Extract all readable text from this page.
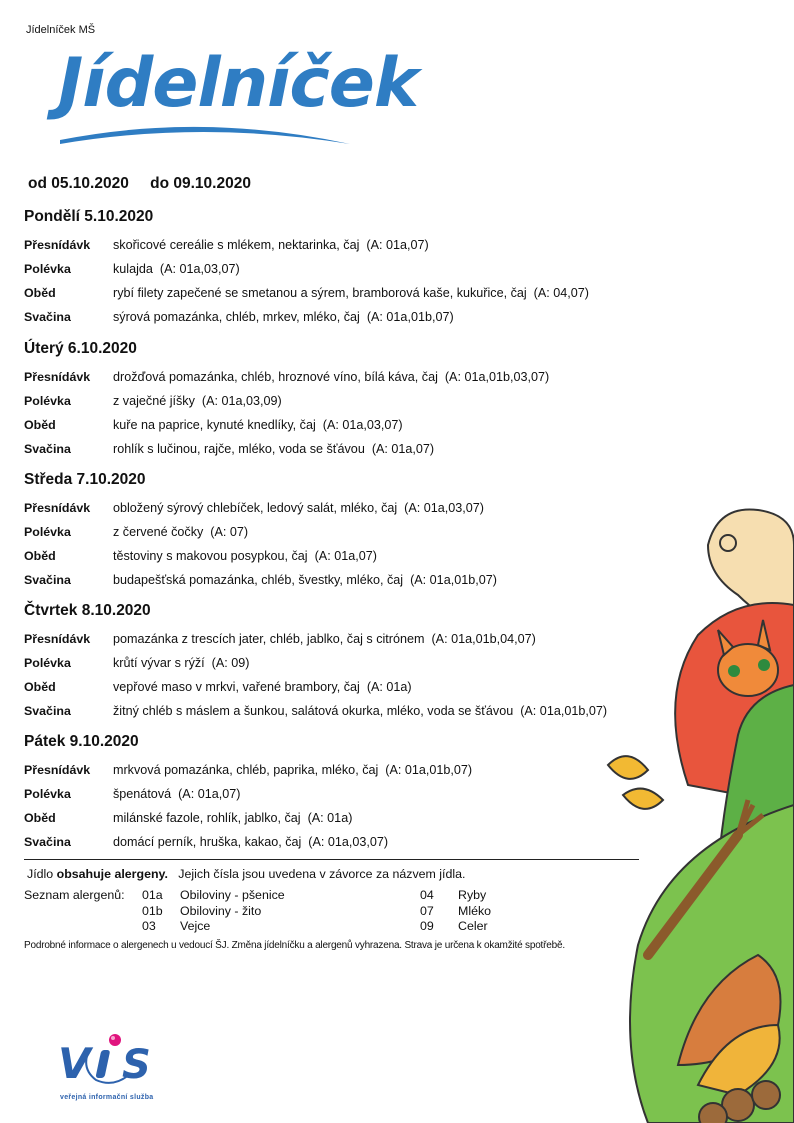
Jídelníček MŠ
Jídelníček
od 05.10.2020 do 09.10.2020
Pondělí 5.10.2020
Přesnídávk	skořicové cereálie s mlékem, nektarinka, čaj  (A: 01a,07)
Polévka	kulajda  (A: 01a,03,07)
Oběd	rybí filety zapečené se smetanou a sýrem, bramborová kaše, kukuřice, čaj  (A: 04,07)
Svačina	sýrová pomazánka, chléb, mrkev, mléko, čaj  (A: 01a,01b,07)
Úterý 6.10.2020
Přesnídávk	drožďová pomazánka, chléb, hroznové víno, bílá káva, čaj  (A: 01a,01b,03,07)
Polévka	z vaječné jíšky  (A: 01a,03,09)
Oběd	kuře na paprice, kynuté knedlíky, čaj  (A: 01a,03,07)
Svačina	rohlík s lučinou, rajče, mléko, voda se šťávou  (A: 01a,07)
Středa 7.10.2020
Přesnídávk	obložený sýrový chlebíček, ledový salát, mléko, čaj  (A: 01a,03,07)
Polévka	z červené čočky  (A: 07)
Oběd	těstoviny s makovou posypkou, čaj  (A: 01a,07)
Svačina	budapešťská pomazánka, chléb, švestky, mléko, čaj  (A: 01a,01b,07)
Čtvrtek 8.10.2020
Přesnídávk	pomazánka z trescích jater, chléb, jablko, čaj s citrónem  (A: 01a,01b,04,07)
Polévka	krůtí vývar s rýží  (A: 09)
Oběd	vepřové maso v mrkvi, vařené brambory, čaj  (A: 01a)
Svačina	žitný chléb s máslem a šunkou, salátová okurka, mléko, voda se šťávou  (A: 01a,01b,07)
Pátek 9.10.2020
Přesnídávk	mrkvová pomazánka, chléb, paprika, mléko, čaj  (A: 01a,01b,07)
Polévka	špenátová  (A: 01a,07)
Oběd	milánské fazole, rohlík, jablko, čaj  (A: 01a)
Svačina	domácí perník, hruška, kakao, čaj  (A: 01a,03,07)
Jídlo obsahuje alergeny.   Jejich čísla jsou uvedena v závorce za názvem jídla.
Seznam alergenů:	01a Obiloviny - pšenice
01b Obiloviny - žito
03 Vejce
04 Ryby
07 Mléko
09 Celer
Podrobné informace o alergenech u vedoucí ŠJ. Změna jídelníčku a alergenů vyhrazena. Strava je určena k okamžité spotřebě.
V S
veřejná informační služba
